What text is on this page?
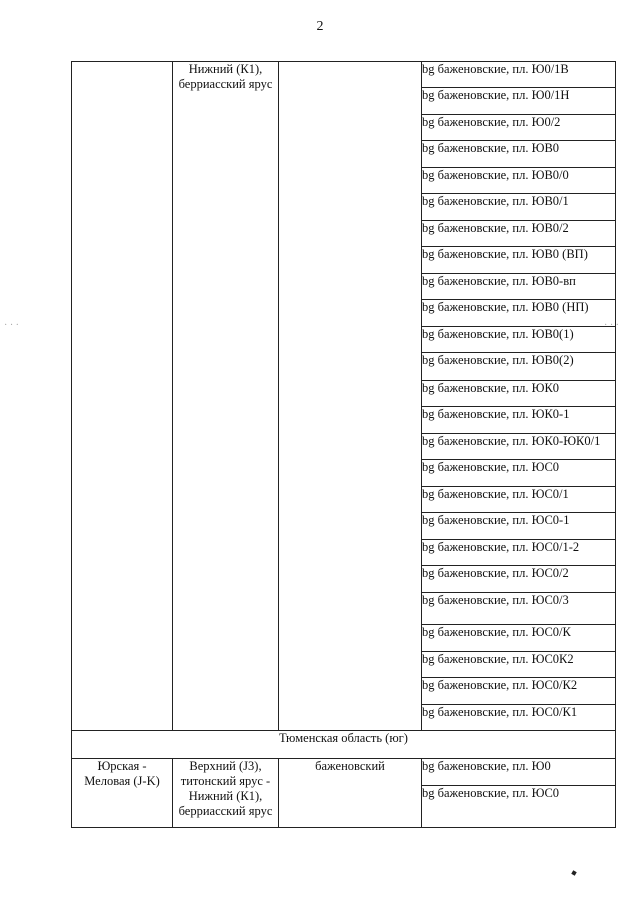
2
	Нижний (К1),
берриасский ярус		bg баженовские, пл. Ю0/1В
			bg баженовские, пл. Ю0/1Н
			bg баженовские, пл. Ю0/2
			bg баженовские, пл. ЮВ0
			bg баженовские, пл. ЮВ0/0
			bg баженовские, пл. ЮВ0/1
			bg баженовские, пл. ЮВ0/2
			bg баженовские, пл. ЮВ0 (ВП)
			bg баженовские, пл. ЮВ0-вп
			bg баженовские, пл. ЮВ0 (НП)
			bg баженовские, пл. ЮВ0(1)
			bg баженовские, пл. ЮВ0(2)
			bg баженовские, пл. ЮК0
			bg баженовские, пл. ЮК0-1
			bg баженовские, пл. ЮК0-ЮК0/1
			bg баженовские, пл. ЮС0
			bg баженовские, пл. ЮС0/1
			bg баженовские, пл. ЮС0-1
			bg баженовские, пл. ЮС0/1-2
			bg баженовские, пл. ЮС0/2
			bg баженовские, пл. ЮС0/3
			bg баженовские, пл. ЮС0/К
			bg баженовские, пл. ЮС0К2
			bg баженовские, пл. ЮС0/К2
			bg баженовские, пл. ЮС0/К1
Тюменская область (юг)			
Юрская -
Меловая (J-K)	Верхний (J3),
титонский ярус -
Нижний (К1),
берриасский ярус	баженовский	bg баженовские, пл. Ю0
			bg баженовские, пл. ЮС0
· · ·	· · ·
